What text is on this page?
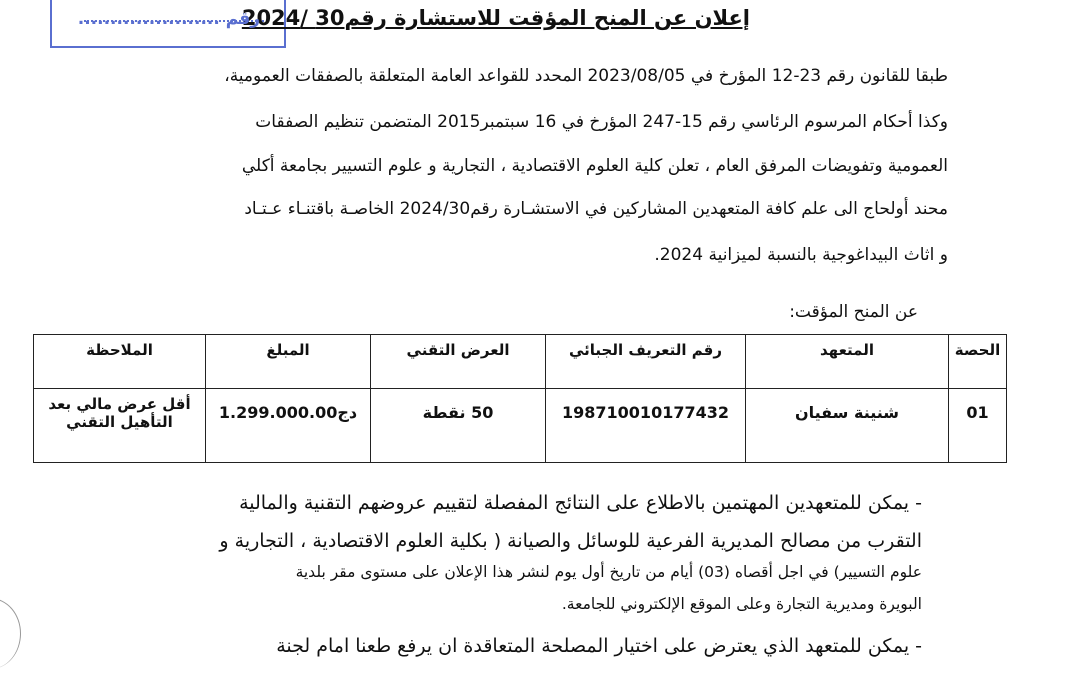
إعلان عن المنح المؤقت للاستشارة رقم30 /2024
رقم ......................
طبقا للقانون رقم 23-12 المؤرخ في 2023/08/05 المحدد للقواعد العامة المتعلقة بالصفقات العمومية،
وكذا أحكام المرسوم الرئاسي رقم 15-247 المؤرخ في 16 سبتمبر2015 المتضمن تنظيم الصفقات
العمومية وتفويضات المرفق العام ، تعلن كلية العلوم الاقتصادية ، التجارية و علوم التسيير بجامعة أكلي
محند أولحاج الى علم كافة المتعهدين المشاركين في الاستشـارة رقم2024/30 الخاصـة باقتنـاء عـتـاد
و اثاث البيداغوجية بالنسبة لميزانية 2024.
عن المنح المؤقت:
الحصة	المتعهد	رقم التعريف الجبائي	العرض التقني	المبلغ	الملاحظة
01	شنينة سفيان	198710010177432	50 نقطة	1.299.000.00دج	أقل عرض مالي بعد التأهيل التقني
- يمكن للمتعهدين المهتمين بالاطلاع على النتائج المفصلة لتقييم عروضهم التقنية والمالية
التقرب من مصالح المديرية الفرعية للوسائل والصيانة ( بكلية العلوم الاقتصادية ، التجارية و
علوم التسيير) في اجل أقصاه (03) أيام من تاريخ أول يوم لنشر هذا الإعلان على مستوى مقر بلدية
البويرة ومديرية التجارة وعلى الموقع الإلكتروني للجامعة.
- يمكن للمتعهد الذي يعترض على اختيار المصلحة المتعاقدة ان يرفع طعنا امام لجنة
